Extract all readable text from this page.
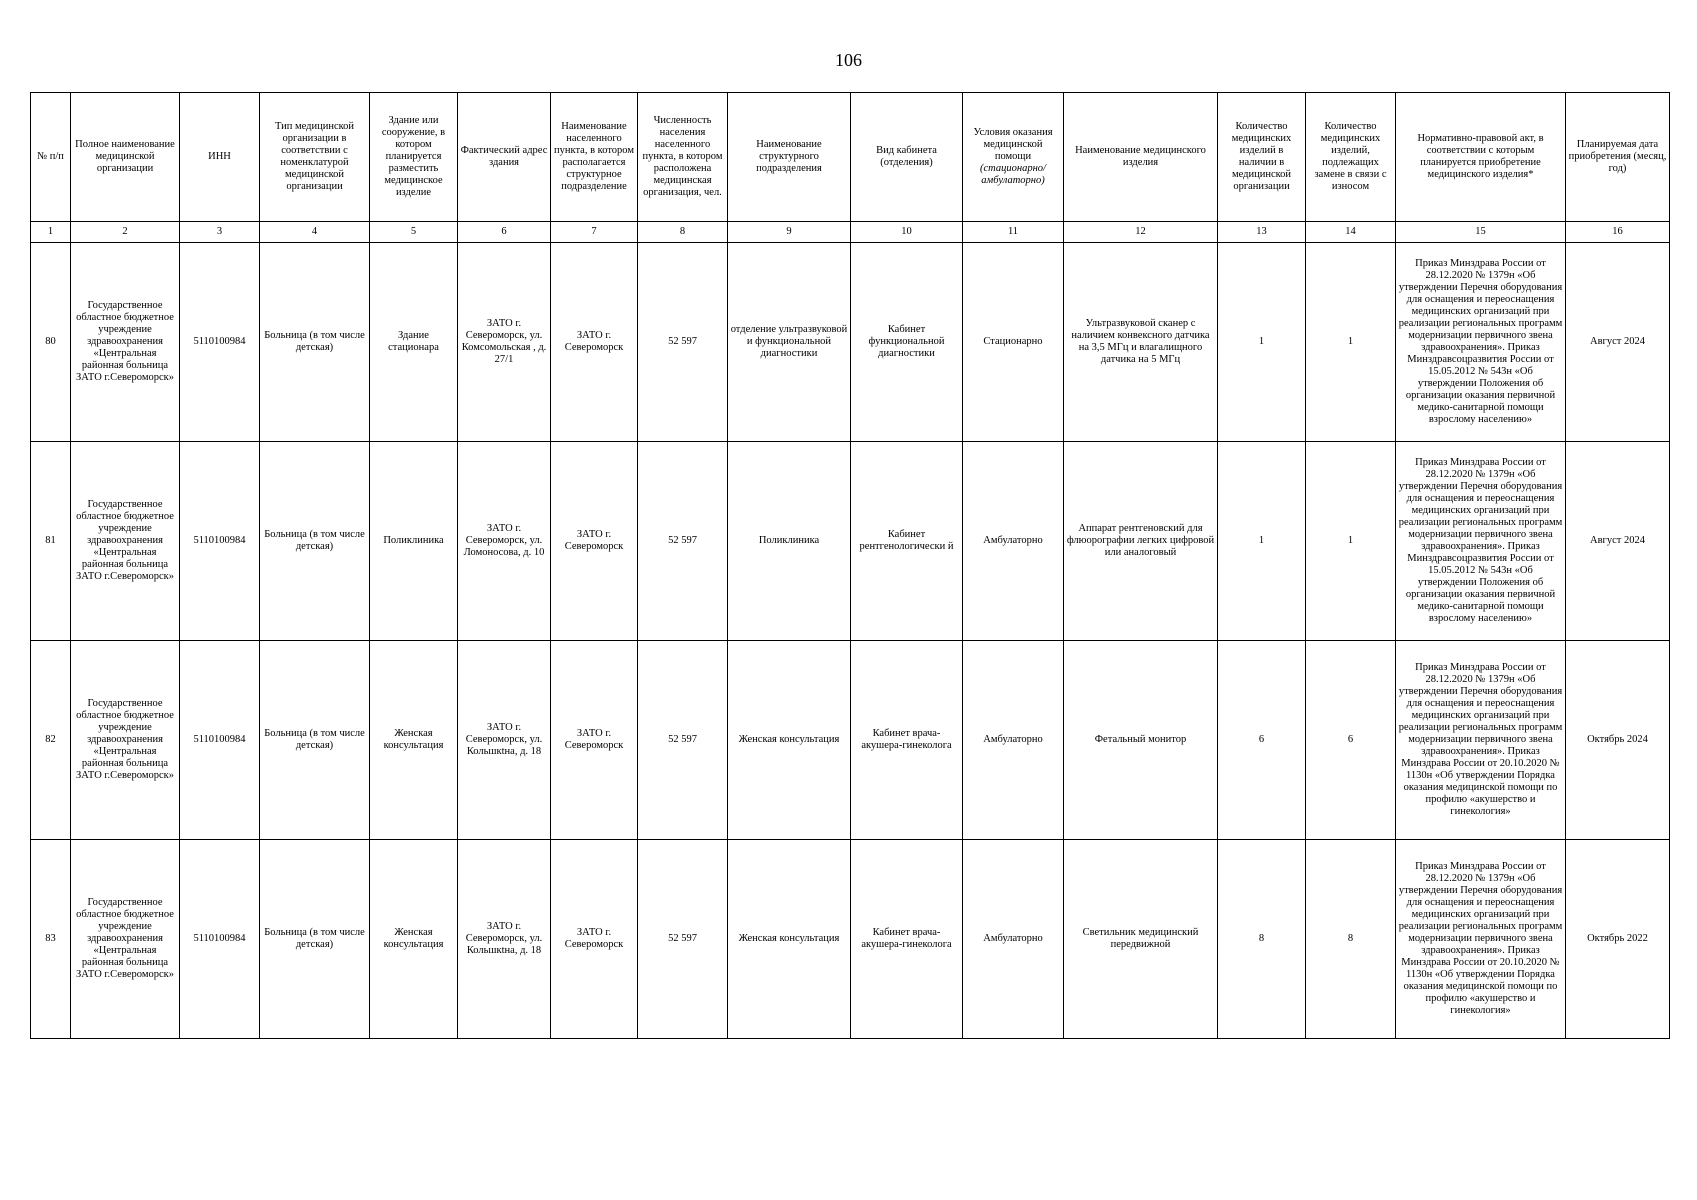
106
№ п/п	Полное наименование медицинской организации	ИНН	Тип медицинской организации в соответствии с номенклатурой медицинской организации	Здание или сооружение, в котором планируется разместить медицинское изделие	Фактический адрес здания	Наименование населенного пункта, в котором располагается структурное подразделение	Численность населения населенного пункта, в котором расположена медицинская организация, чел.	Наименование структурного подразделения	Вид кабинета (отделения)	Условия оказания медицинской помощи (стационарно/ амбулаторно)	Наименование медицинского изделия	Количество медицинских изделий в наличии в медицинской организации	Количество медицинских изделий, подлежащих замене в связи с износом	Нормативно-правовой акт, в соответствии с которым планируется приобретение медицинского изделия*	Планируемая дата приобретения (месяц, год)
1	2	3	4	5	6	7	8	9	10	11	12	13	14	15	16
80	Государственное областное бюджетное учреждение здравоохранения «Центральная районная больница ЗАТО г.Североморск»	5110100984	Больница (в том числе детская)	Здание стационара	ЗАТО г. Североморск, ул. Комсомольская , д. 27/1	ЗАТО г. Североморск	52 597	отделение ультразвуковой и функциональной диагностики	Кабинет функциональной диагностики	Стационарно	Ультразвуковой сканер с наличием конвексного датчика на 3,5 МГц и влагалищного датчика на 5 МГц	1	1	Приказ Минздрава России от 28.12.2020 № 1379н «Об утверждении Перечня оборудования для оснащения и переоснащения медицинских организаций при реализации региональных программ модернизации первичного звена здравоохранения». Приказ Минздравсоцразвития России от 15.05.2012 № 543н «Об утверждении Положения об организации оказания первичной медико-санитарной помощи взрослому населению»	Август 2024
81	Государственное областное бюджетное учреждение здравоохранения «Центральная районная больница ЗАТО г.Североморск»	5110100984	Больница (в том числе детская)	Поликлиника	ЗАТО г. Североморск, ул. Ломоносова, д. 10	ЗАТО г. Североморск	52 597	Поликлиника	Кабинет рентгенологически й	Амбулаторно	Аппарат рентгеновский для флюорографии легких цифровой или аналоговый	1	1	Приказ Минздрава России от 28.12.2020 № 1379н «Об утверждении Перечня оборудования для оснащения и переоснащения медицинских организаций при реализации региональных программ модернизации первичного звена здравоохранения». Приказ Минздравсоцразвития России от 15.05.2012 № 543н «Об утверждении Положения об организации оказания первичной медико-санитарной помощи взрослому населению»	Август 2024
82	Государственное областное бюджетное учреждение здравоохранения «Центральная районная больница ЗАТО г.Североморск»	5110100984	Больница (в том числе детская)	Женская консультация	ЗАТО г. Североморск, ул. Кольшкtна, д. 18	ЗАТО г. Североморск	52 597	Женская консультация	Кабинет врача-акушера-гинеколога	Амбулаторно	Фетальный монитор	6	6	Приказ Минздрава России от 28.12.2020 № 1379н «Об утверждении Перечня оборудования для оснащения и переоснащения медицинских организаций при реализации региональных программ модернизации первичного звена здравоохранения». Приказ Минздрава России от 20.10.2020 № 1130н «Об утверждении Порядка оказания медицинской помощи по профилю «акушерство и гинекология»	Октябрь 2024
83	Государственное областное бюджетное учреждение здравоохранения «Центральная районная больница ЗАТО г.Североморск»	5110100984	Больница (в том числе детская)	Женская консультация	ЗАТО г. Североморск, ул. Кольшкtна, д. 18	ЗАТО г. Североморск	52 597	Женская консультация	Кабинет врача-акушера-гинеколога	Амбулаторно	Светильник медицинский передвижной	8	8	Приказ Минздрава России от 28.12.2020 № 1379н «Об утверждении Перечня оборудования для оснащения и переоснащения медицинских организаций при реализации региональных программ модернизации первичного звена здравоохранения». Приказ Минздрава России от 20.10.2020 № 1130н «Об утверждении Порядка оказания медицинской помощи по профилю «акушерство и гинекология»	Октябрь 2022
